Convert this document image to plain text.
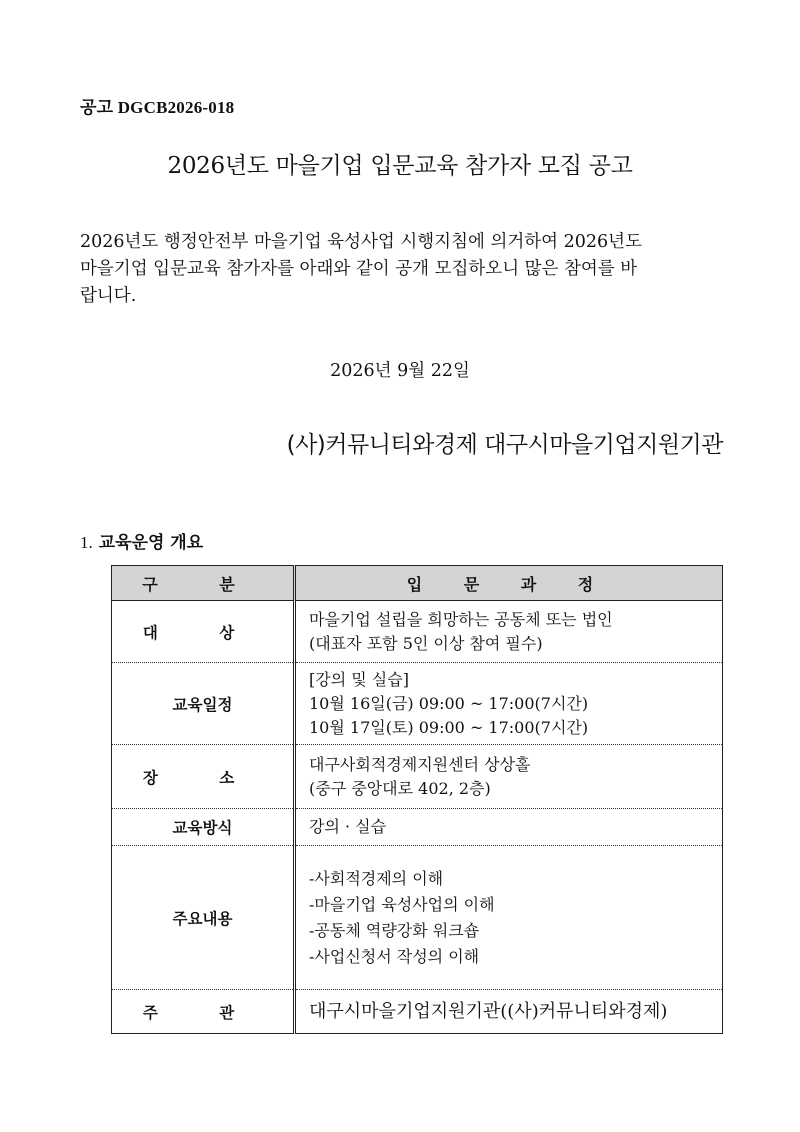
공고 DGCB2026-018
2026년도 마을기업 입문교육 참가자 모집 공고
2026년도 행정안전부 마을기업 육성사업 시행지침에 의거하여 2026년도
마을기업 입문교육 참가자를 아래와 같이 공개 모집하오니 많은 참여를 바
랍니다.
2026년 9월 22일
(사)커뮤니티와경제 대구시마을기업지원기관
1. 교육운영 개요
구 분	입 문 과 정
대 상	마을기업 설립을 희망하는 공동체 또는 법인
(대표자 포함 5인 이상 참여 필수)

교육일정	[강의 및 실습]
10월 16일(금) 09:00 ~ 17:00(7시간)
10월 17일(토) 09:00 ~ 17:00(7시간)

장 소	대구사회적경제지원센터 상상홀
(중구 중앙대로 402, 2층)

교육방식	강의 · 실습

주요내용	-사회적경제의 이해
-마을기업 육성사업의 이해
-공동체 역량강화 워크숍
-사업신청서 작성의 이해

주 관	대구시마을기업지원기관((사)커뮤니티와경제)
